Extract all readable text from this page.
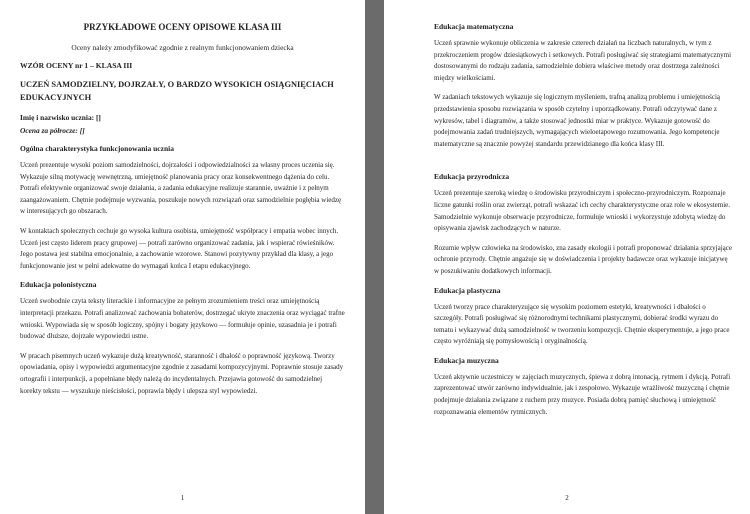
PRZYKŁADOWE OCENY OPISOWE KLASA III
Oceny należy zmodyfikować zgodnie z realnym funkcjonowaniem dziecka
WZÓR OCENY nr 1 – KLASA III
UCZEŃ SAMODZIELNY, DOJRZAŁY, O BARDZO WYSOKICH OSIĄGNIĘCIACH EDUKACYJNYCH
Imię i nazwisko ucznia: []
Ocena za półrocze: []
Ogólna charakterystyka funkcjonowania ucznia

Uczeń prezentuje wysoki poziom samodzielności, dojrzałości i odpowiedzialności za własny proces uczenia się. Wykazuje silną motywację wewnętrzną, umiejętność planowania pracy oraz konsekwentnego dążenia do celu. Potrafi efektywnie organizować swoje działania, a zadania edukacyjne realizuje starannie, uważnie i z pełnym zaangażowaniem. Chętnie podejmuje wyzwania, poszukuje nowych rozwiązań oraz samodzielnie pogłębia wiedzę w interesujących go obszarach.

W kontaktach społecznych cechuje go wysoka kultura osobista, umiejętność współpracy i empatia wobec innych. Uczeń jest często liderem pracy grupowej — potrafi zarówno organizować zadania, jak i wspierać rówieśników. Jego postawa jest stabilna emocjonalnie, a zachowanie wzorowe. Stanowi pozytywny przykład dla klasy, a jego funkcjonowanie jest w pełni adekwatne do wymagań końca I etapu edukacyjnego.

Edukacja polonistyczna

Uczeń swobodnie czyta teksty literackie i informacyjne ze pełnym zrozumieniem treści oraz umiejętnością interpretacji przekazu. Potrafi analizować zachowania bohaterów, dostrzegać ukryte znaczenia oraz wyciągać trafne wnioski. Wypowiada się w sposób logiczny, spójny i bogaty językowo — formułuje opinie, uzasadnia je i potrafi budować dłuższe, dojrzałe wypowiedzi ustne.

W pracach pisemnych uczeń wykazuje dużą kreatywność, staranność i dbałość o poprawność językową. Tworzy opowiadania, opisy i wypowiedzi argumentacyjne zgodnie z zasadami kompozycyjnymi. Poprawnie stosuje zasady ortografii i interpunkcji, a popełniane błędy należą do incydentalnych. Przejawia gotowość do samodzielnej korekty tekstu — wyszukuje nieścisłości, poprawia błędy i ulepsza styl wypowiedzi.

1
Edukacja matematyczna

Uczeń sprawnie wykonuje obliczenia w zakresie czterech działań na liczbach naturalnych, w tym z przekroczeniem progów dziesiątkowych i setkowych. Potrafi posługiwać się strategiami matematycznymi dostosowanymi do rodzaju zadania, samodzielnie dobiera właściwe metody oraz dostrzega zależności między wielkościami.

W zadaniach tekstowych wykazuje się logicznym myśleniem, trafną analizą problemu i umiejętnością przedstawienia sposobu rozwiązania w sposób czytelny i uporządkowany. Potrafi odczytywać dane z wykresów, tabel i diagramów, a także stosować jednostki miar w praktyce. Wykazuje gotowość do podejmowania zadań trudniejszych, wymagających wieloetapowego rozumowania. Jego kompetencje matematyczne są znacznie powyżej standardu przewidzianego dla końca klasy III.

Edukacja przyrodnicza

Uczeń prezentuje szeroką wiedzę o środowisku przyrodniczym i społeczno-przyrodniczym. Rozpoznaje liczne gatunki roślin oraz zwierząt, potrafi wskazać ich cechy charakterystyczne oraz role w ekosystemie. Samodzielnie wykonuje obserwacje przyrodnicze, formułuje wnioski i wykorzystuje zdobytą wiedzę do opisywania zjawisk zachodzących w naturze.

Rozumie wpływ człowieka na środowisko, zna zasady ekologii i potrafi proponować działania sprzyjające ochronie przyrody. Chętnie angażuje się w doświadczenia i projekty badawcze oraz wykazuje inicjatywę w poszukiwaniu dodatkowych informacji.

Edukacja plastyczna

Uczeń tworzy prace charakteryzujące się wysokim poziomem estetyki, kreatywności i dbałości o szczegóły. Potrafi posługiwać się różnorodnymi technikami plastycznymi, dobierać środki wyrazu do tematu i wykazywać dużą samodzielność w tworzeniu kompozycji. Chętnie eksperymentuje, a jego prace często wyróżniają się pomysłowością i oryginalnością.

Edukacja muzyczna

Uczeń aktywnie uczestniczy w zajęciach muzycznych, śpiewa z dobrą intonacją, rytmem i dykcją. Potrafi zaprezentować utwór zarówno indywidualnie, jak i zespołowo. Wykazuje wrażliwość muzyczną i chętnie podejmuje działania związane z ruchem przy muzyce. Posiada dobrą pamięć słuchową i umiejętność rozpoznawania elementów rytmicznych.

2
